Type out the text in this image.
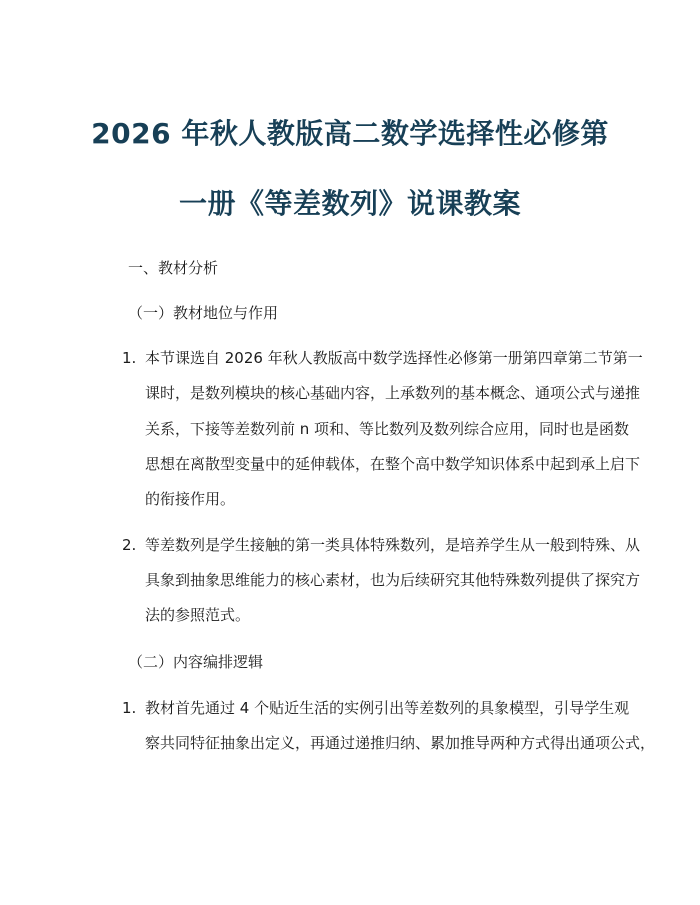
2026 年秋人教版高二数学选择性必修第
一册《等差数列》说课教案
一、教材分析
（一）教材地位与作用
1. 本节课选自 2026 年秋人教版高中数学选择性必修第一册第四章第二节第一
课时，是数列模块的核心基础内容，上承数列的基本概念、通项公式与递推
关系，下接等差数列前 n 项和、等比数列及数列综合应用，同时也是函数
思想在离散型变量中的延伸载体，在整个高中数学知识体系中起到承上启下
的衔接作用。
2. 等差数列是学生接触的第一类具体特殊数列，是培养学生从一般到特殊、从
具象到抽象思维能力的核心素材，也为后续研究其他特殊数列提供了探究方
法的参照范式。
（二）内容编排逻辑
1. 教材首先通过 4 个贴近生活的实例引出等差数列的具象模型，引导学生观
察共同特征抽象出定义，再通过递推归纳、累加推导两种方式得出通项公式，
